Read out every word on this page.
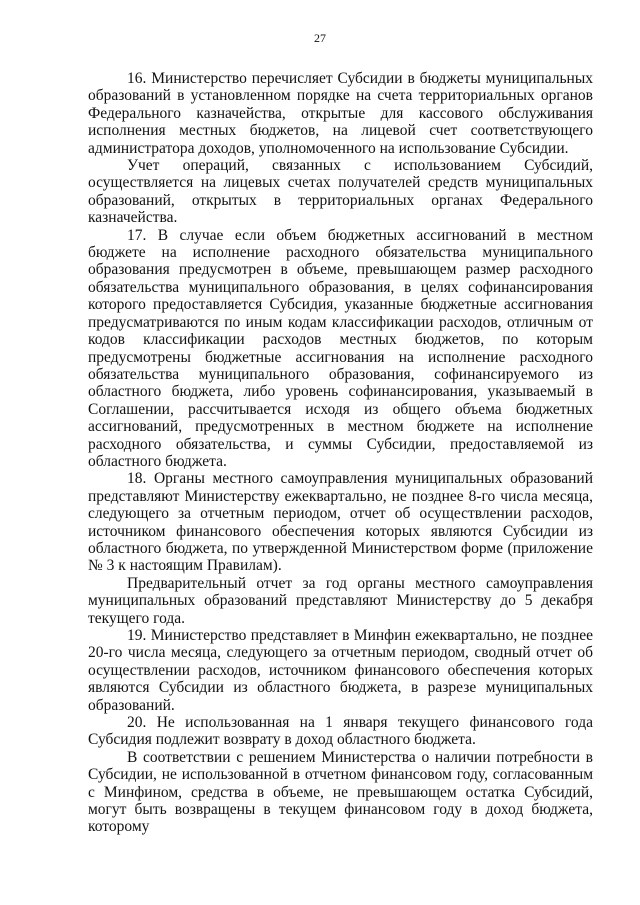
27

16. Министерство перечисляет Субсидии в бюджеты муниципальных образований в установленном порядке на счета территориальных органов Федерального казначейства, открытые для кассового обслуживания исполнения местных бюджетов, на лицевой счет соответствующего администратора доходов, уполномоченного на использование Субсидии.

Учет операций, связанных с использованием Субсидий, осуществляется на лицевых счетах получателей средств муниципальных образований, открытых в территориальных органах Федерального казначейства.

17. В случае если объем бюджетных ассигнований в местном бюджете на исполнение расходного обязательства муниципального образования предусмотрен в объеме, превышающем размер расходного обязательства муниципального образования, в целях софинансирования которого предоставляется Субсидия, указанные бюджетные ассигнования предусматриваются по иным кодам классификации расходов, отличным от кодов классификации расходов местных бюджетов, по которым предусмотрены бюджетные ассигнования на исполнение расходного обязательства муниципального образования, софинансируемого из областного бюджета, либо уровень софинансирования, указываемый в Соглашении, рассчитывается исходя из общего объема бюджетных ассигнований, предусмотренных в местном бюджете на исполнение расходного обязательства, и суммы Субсидии, предоставляемой из областного бюджета.

18. Органы местного самоуправления муниципальных образований представляют Министерству ежеквартально, не позднее 8-го числа месяца, следующего за отчетным периодом, отчет об осуществлении расходов, источником финансового обеспечения которых являются Субсидии из областного бюджета, по утвержденной Министерством форме (приложение № 3 к настоящим Правилам).

Предварительный отчет за год органы местного самоуправления муниципальных образований представляют Министерству до 5 декабря текущего года.

19. Министерство представляет в Минфин ежеквартально, не позднее 20-го числа месяца, следующего за отчетным периодом, сводный отчет об осуществлении расходов, источником финансового обеспечения которых являются Субсидии из областного бюджета, в разрезе муниципальных образований.

20. Не использованная на 1 января текущего финансового года Субсидия подлежит возврату в доход областного бюджета.

В соответствии с решением Министерства о наличии потребности в Субсидии, не использованной в отчетном финансовом году, согласованным с Минфином, средства в объеме, не превышающем остатка Субсидий, могут быть возвращены в текущем финансовом году в доход бюджета, которому
